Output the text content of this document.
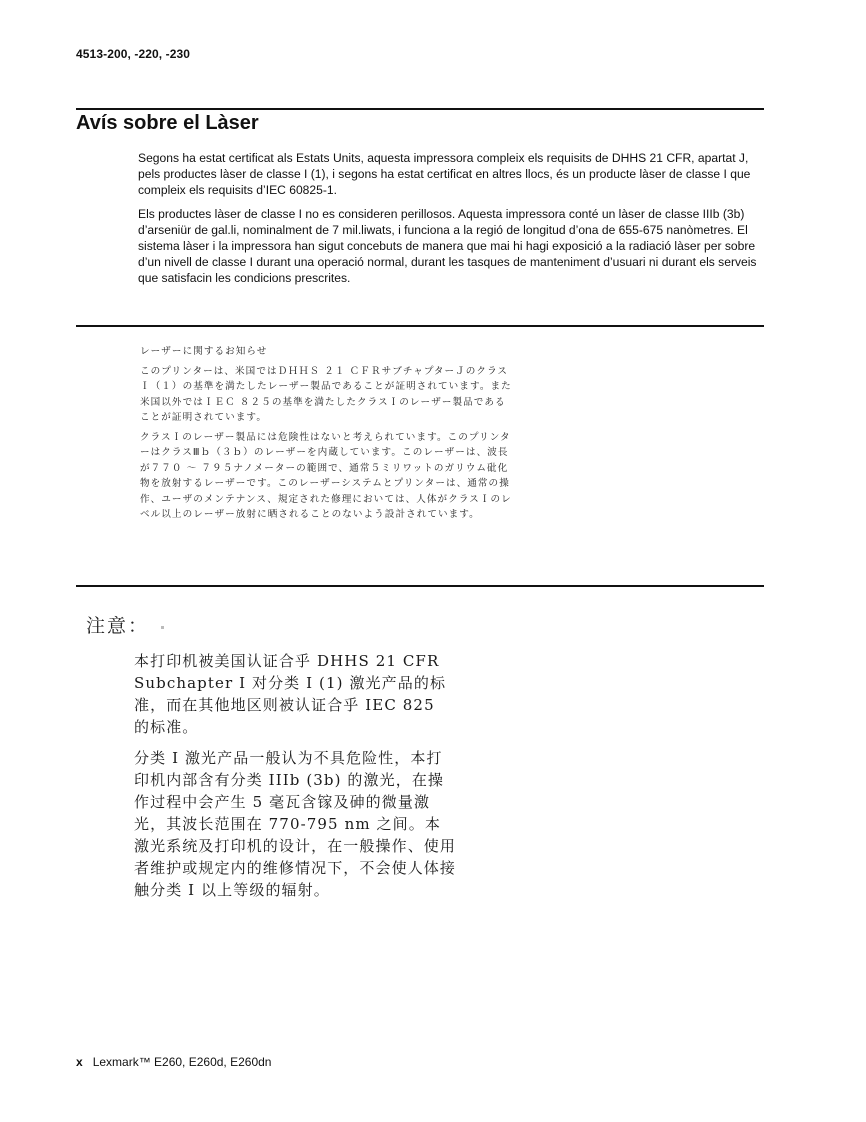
4513-200, -220, -230
Avís sobre el Làser

Segons ha estat certificat als Estats Units, aquesta impressora compleix els requisits de DHHS 21 CFR, apartat J, pels productes làser de classe I (1), i segons ha estat certificat en altres llocs, és un producte làser de classe I que compleix els requisits d’IEC 60825-1.

Els productes làser de classe I no es consideren perillosos. Aquesta impressora conté un làser de classe IIIb (3b) d’arseniür de gal.li, nominalment de 7 mil.liwats, i funciona a la regió de longitud d’ona de 655-675 nanòmetres. El sistema làser i la impressora han sigut concebuts de manera que mai hi hagi exposició a la radiació làser per sobre d’un nivell de classe I durant una operació normal, durant les tasques de manteniment d’usuari ni durant els serveis que satisfacin les condicions prescrites.

レーザーに関するお知らせ

このプリンターは、米国ではＤＨＨＳ ２１ ＣＦＲサブチャプターＪのクラスＩ（１）の基準を満たしたレーザー製品であることが証明されています。また米国以外ではＩＥＣ ８２５の基準を満たしたクラスＩのレーザー製品であることが証明されています。

クラスＩのレーザー製品には危険性はないと考えられています。このプリンターはクラスⅢｂ（３ｂ）のレーザーを内蔵しています。このレーザーは、波長が７７０ ～ ７９５ナノメーターの範囲で、通常５ミリワットのガリウム砒化物を放射するレーザーです。このレーザーシステムとプリンターは、通常の操作、ユーザのメンテナンス、規定された修理においては、人体がクラスＩのレベル以上のレーザー放射に晒されることのないよう設計されています。

注意：

本打印机被美国认证合乎 DHHS 21 CFR Subchapter I 对分类 I (1) 激光产品的标准，而在其他地区则被认证合乎 IEC 825 的标准。

分类 I 激光产品一般认为不具危险性，本打印机内部含有分类 IIIb (3b) 的激光，在操作过程中会产生 5 毫瓦含镓及砷的微量激光，其波长范围在 770-795 nm 之间。本激光系统及打印机的设计，在一般操作、使用者维护或规定内的维修情况下，不会使人体接触分类 I 以上等级的辐射。

x Lexmark™ E260, E260d, E260dn
